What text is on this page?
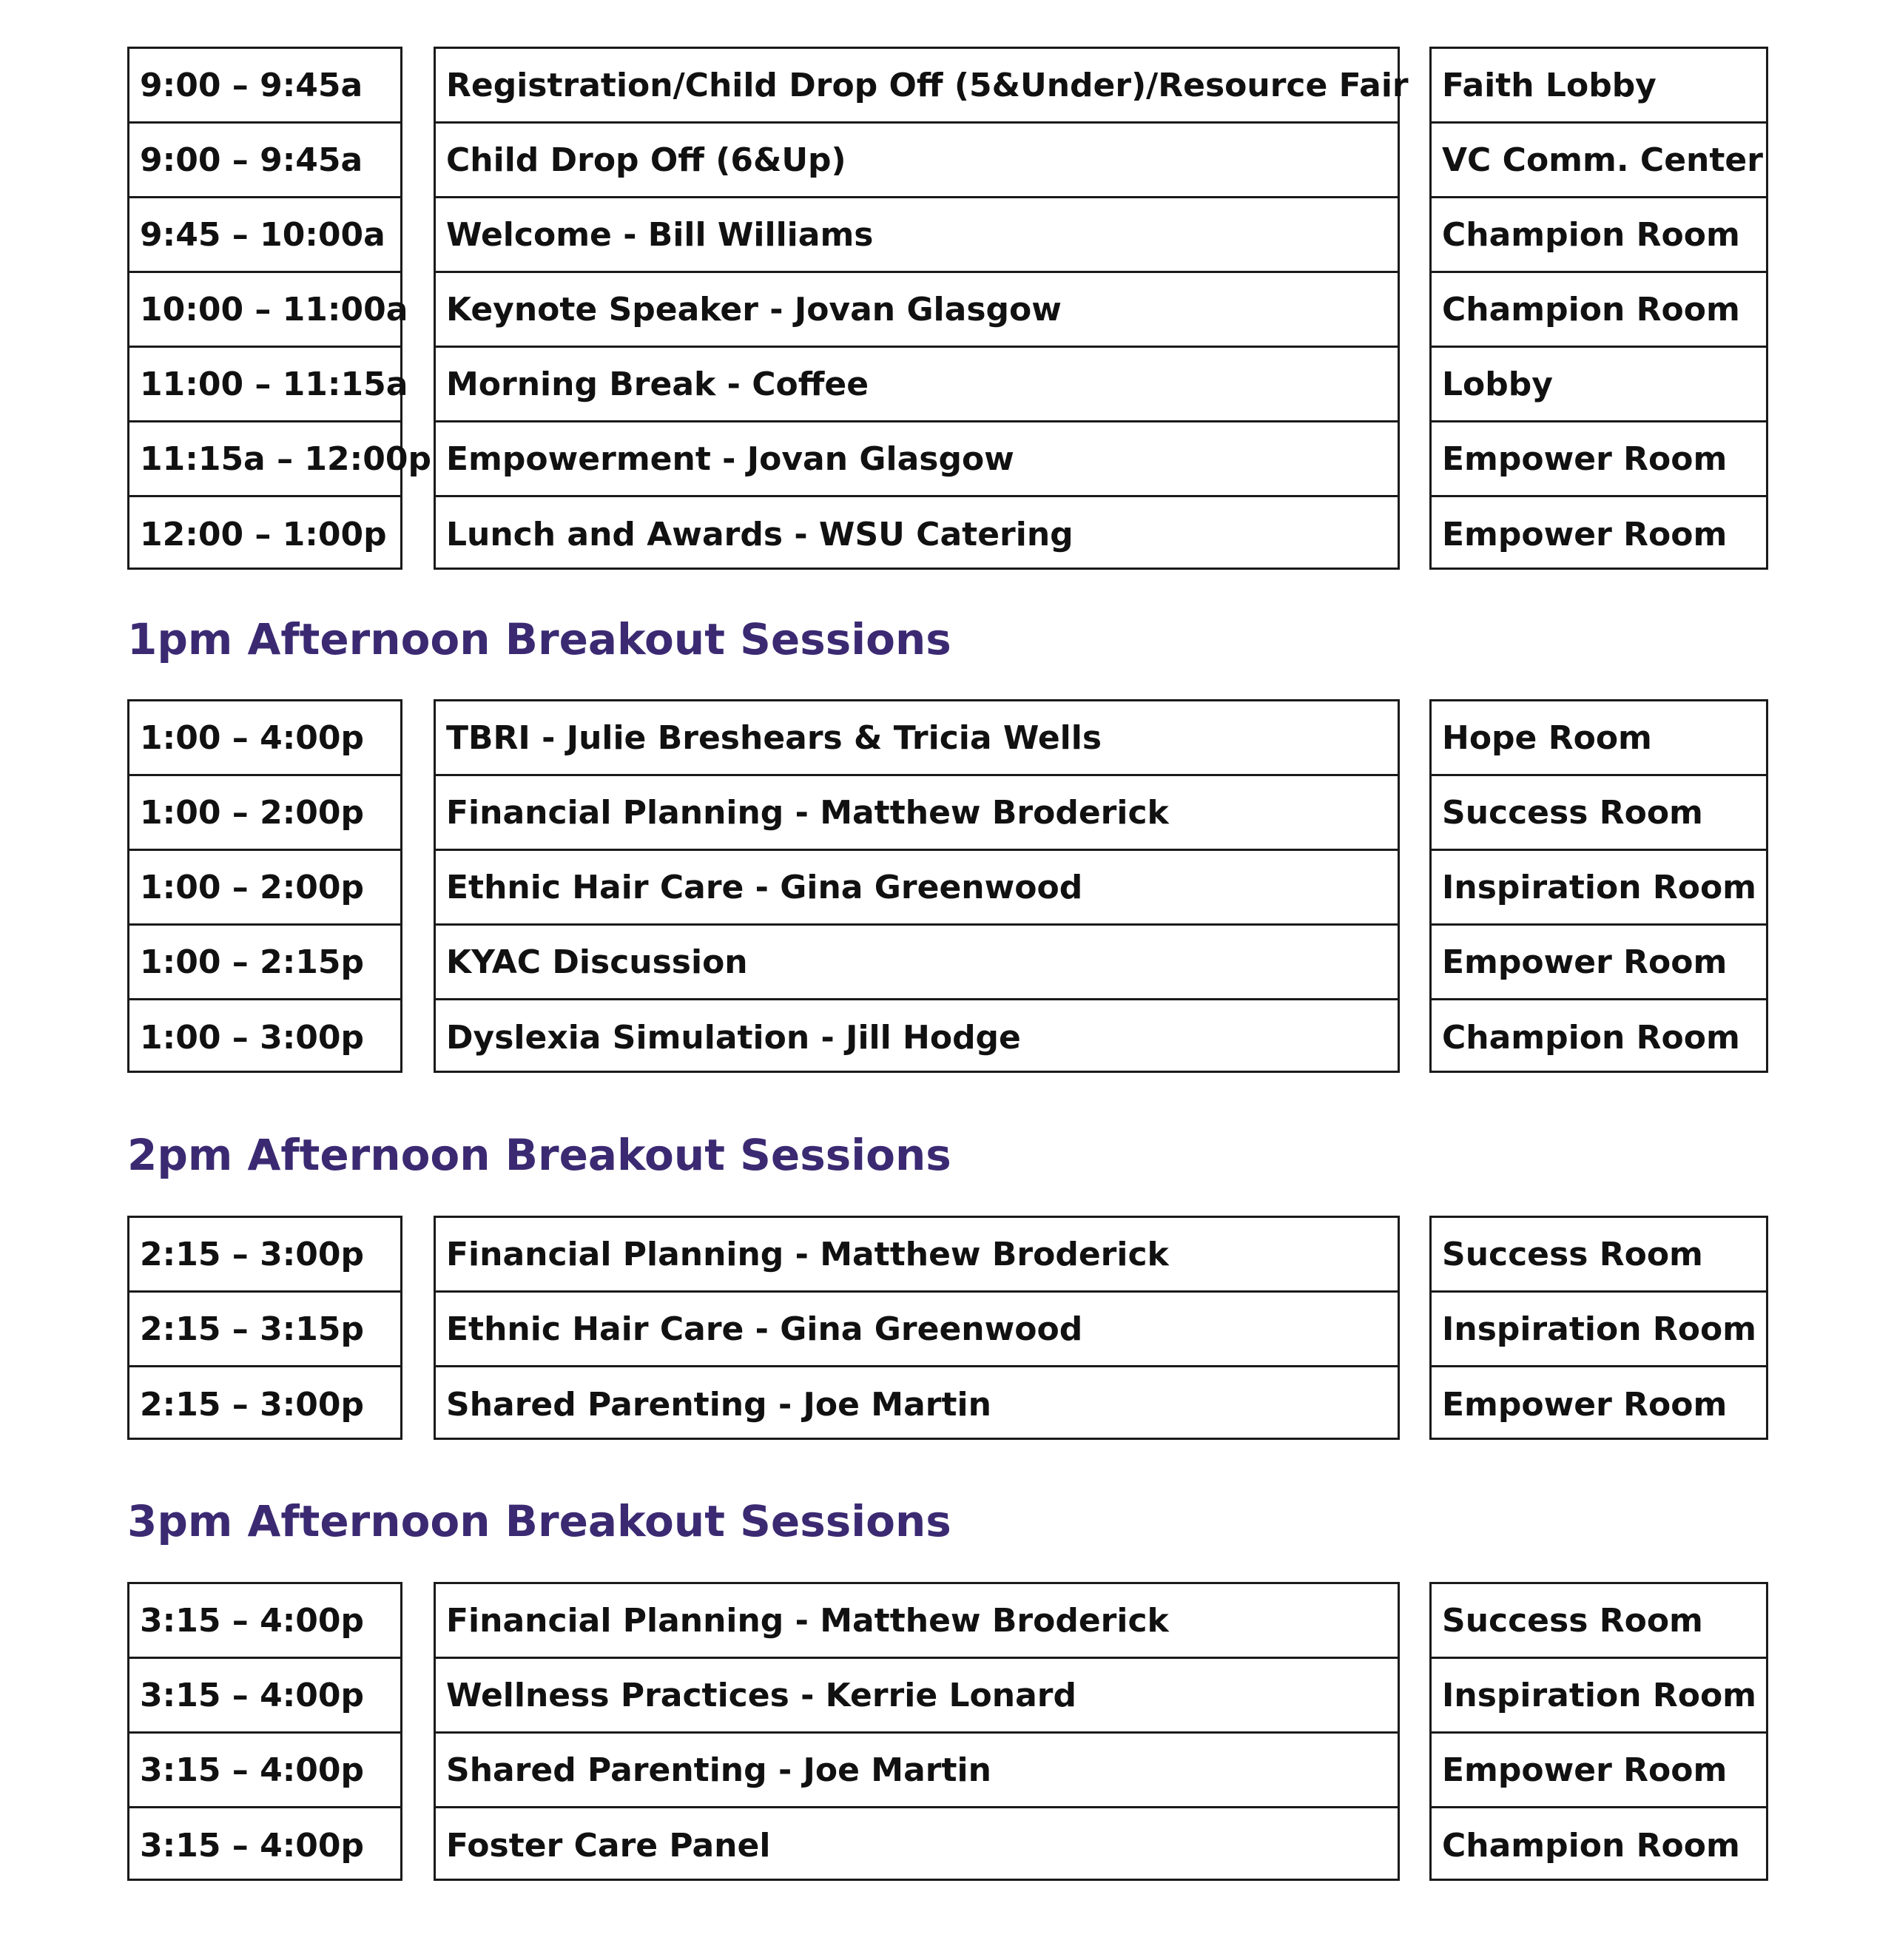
9:00 – 9:45a
9:00 – 9:45a
9:45 – 10:00a
10:00 – 11:00a
11:00 – 11:15a
11:15a – 12:00p
12:00 – 1:00p
Registration/Child Drop Off (5&Under)/Resource Fair
Child Drop Off (6&Up)
Welcome - Bill Williams
Keynote Speaker - Jovan Glasgow
Morning Break - Coffee
Empowerment - Jovan Glasgow
Lunch and Awards - WSU Catering
Faith Lobby
VC Comm. Center
Champion Room
Champion Room
Lobby
Empower Room
Empower Room
1pm Afternoon Breakout Sessions
1:00 – 4:00p
1:00 – 2:00p
1:00 – 2:00p
1:00 – 2:15p
1:00 – 3:00p
TBRI - Julie Breshears & Tricia Wells
Financial Planning - Matthew Broderick
Ethnic Hair Care - Gina Greenwood
KYAC Discussion
Dyslexia Simulation - Jill Hodge
Hope Room
Success Room
Inspiration Room
Empower Room
Champion Room
2pm Afternoon Breakout Sessions
2:15 – 3:00p
2:15 – 3:15p
2:15 – 3:00p
Financial Planning - Matthew Broderick
Ethnic Hair Care - Gina Greenwood
Shared Parenting - Joe Martin
Success Room
Inspiration Room
Empower Room
3pm Afternoon Breakout Sessions
3:15 – 4:00p
3:15 – 4:00p
3:15 – 4:00p
3:15 – 4:00p
Financial Planning - Matthew Broderick
Wellness Practices - Kerrie Lonard
Shared Parenting - Joe Martin
Foster Care Panel
Success Room
Inspiration Room
Empower Room
Champion Room
